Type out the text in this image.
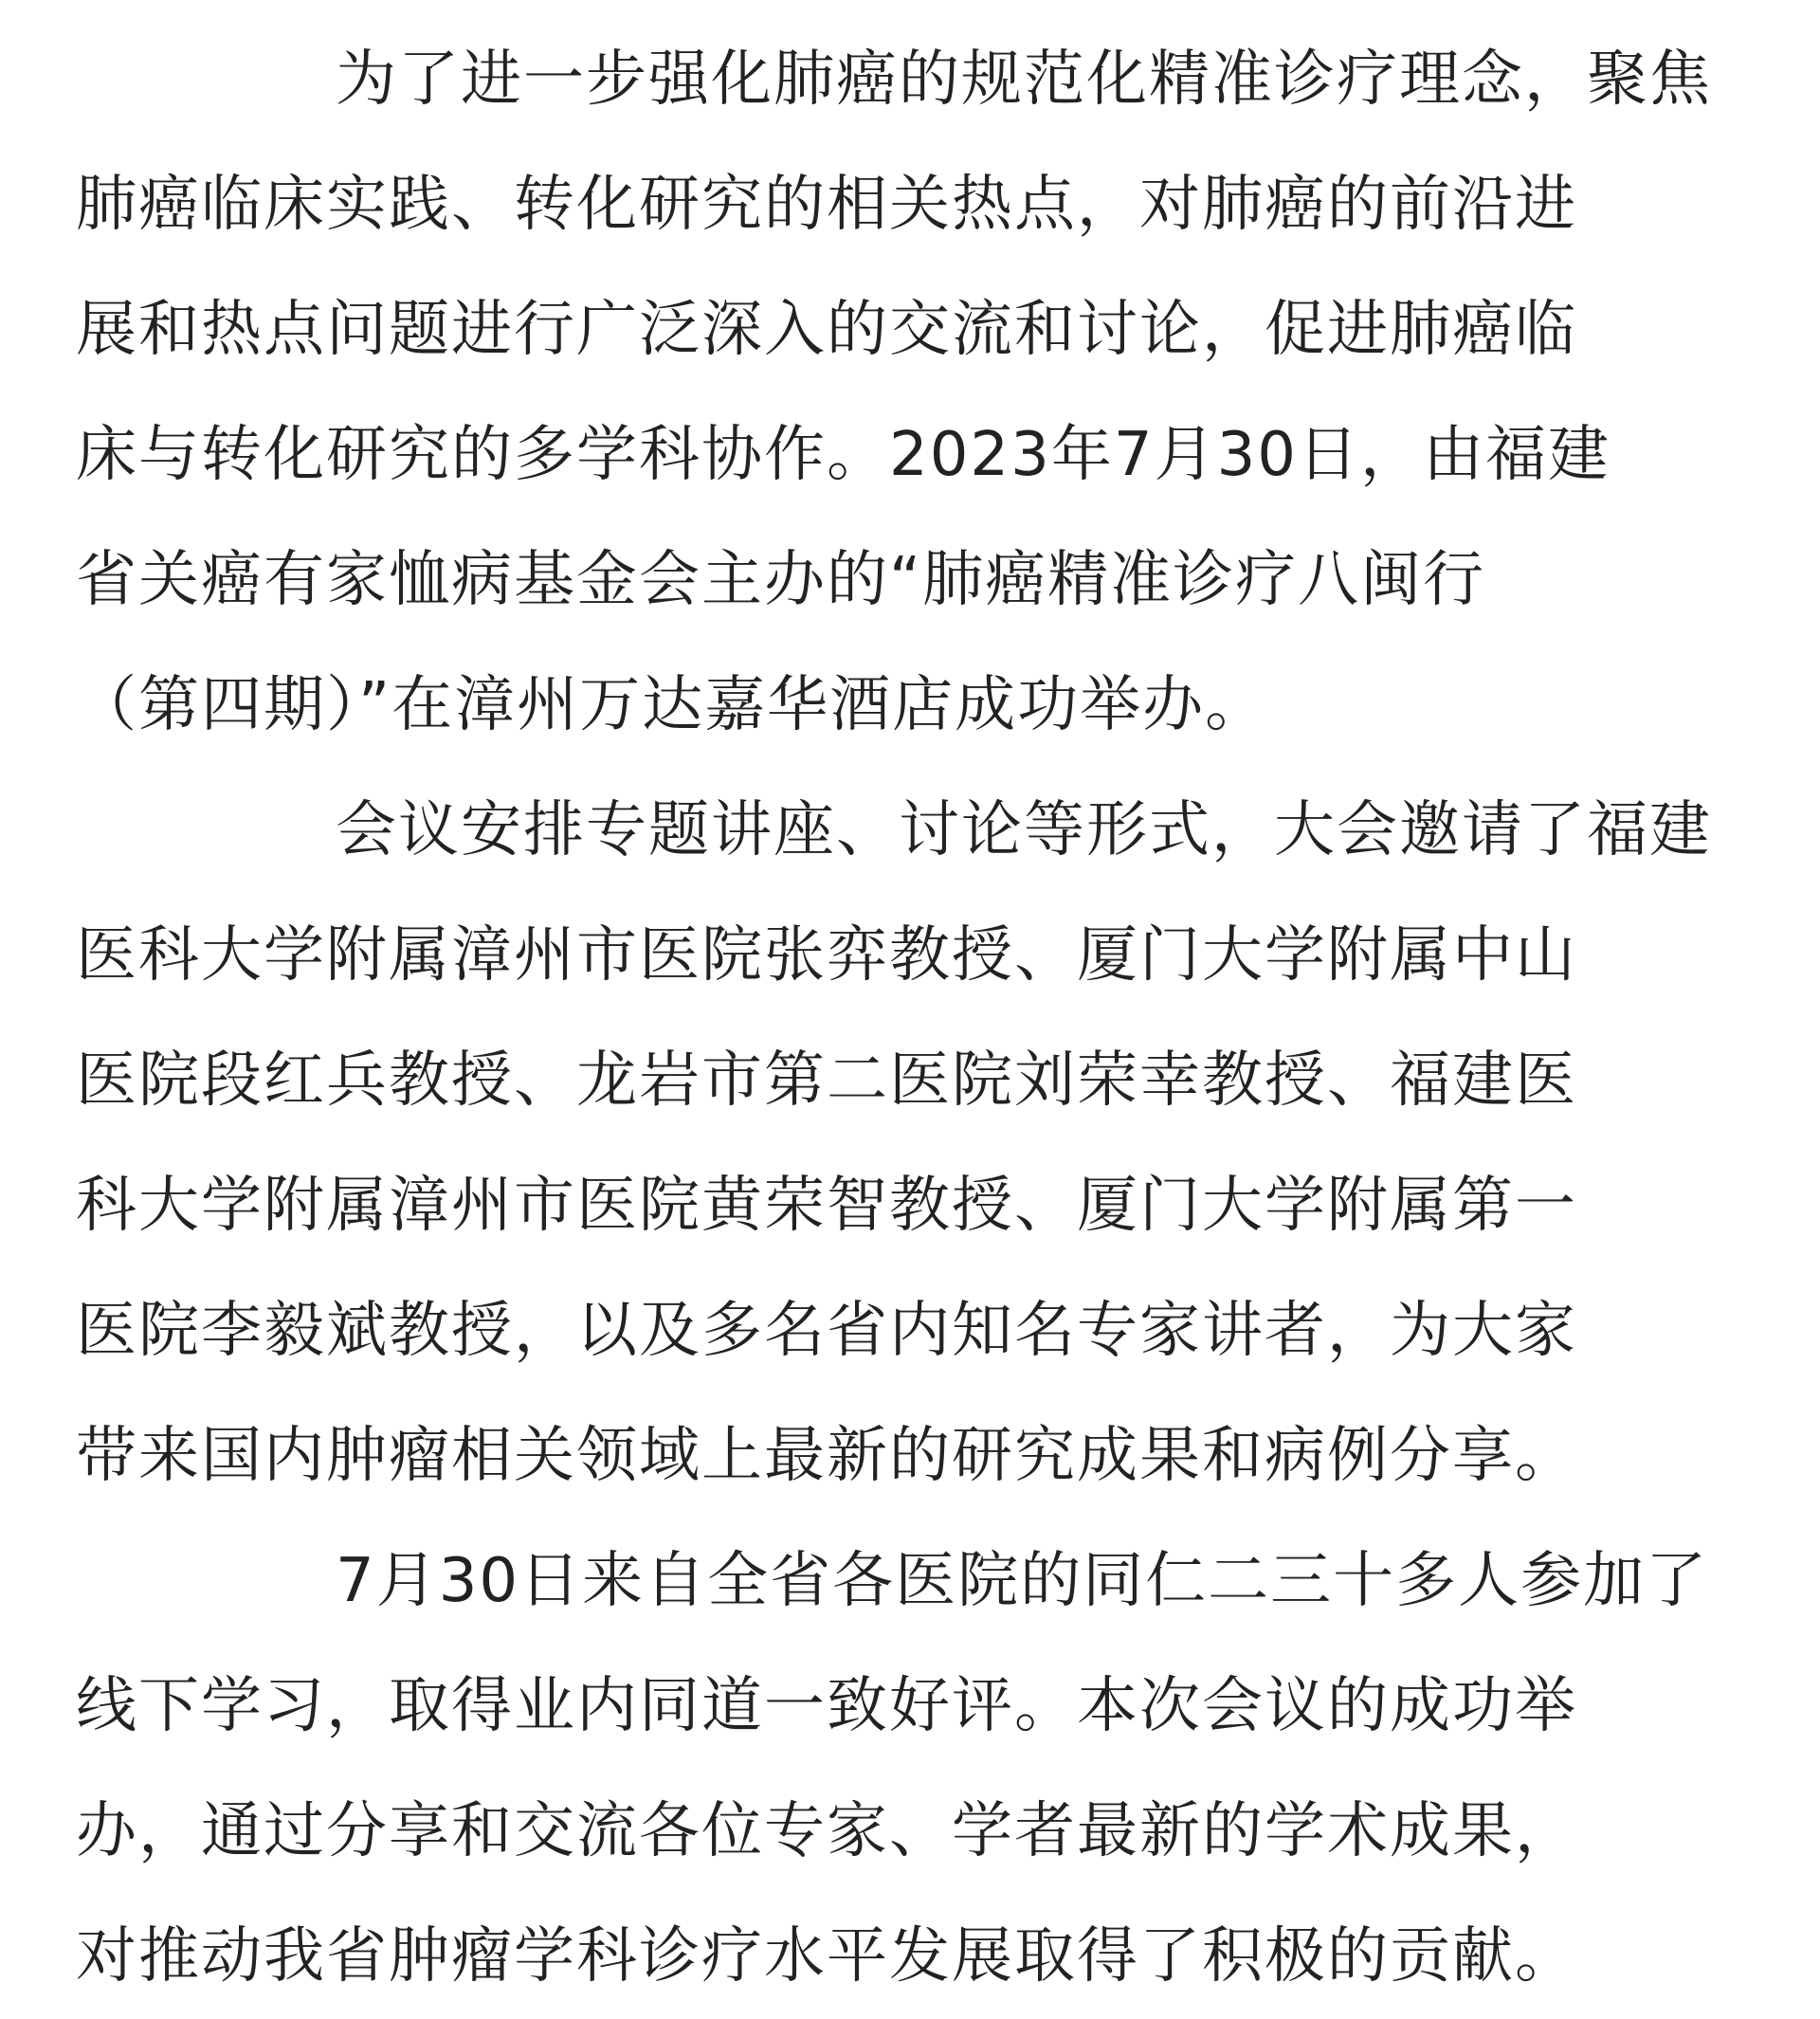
为了进一步强化肺癌的规范化精准诊疗理念，聚焦
肺癌临床实践、转化研究的相关热点，对肺癌的前沿进
展和热点问题进行广泛深入的交流和讨论，促进肺癌临
床与转化研究的多学科协作。2023年7月30日，由福建
省关癌有家恤病基金会主办的“肺癌精准诊疗八闽行
（第四期）”在漳州万达嘉华酒店成功举办。
会议安排专题讲座、讨论等形式，大会邀请了福建
医科大学附属漳州市医院张弈教授、厦门大学附属中山
医院段红兵教授、龙岩市第二医院刘荣幸教授、福建医
科大学附属漳州市医院黄荣智教授、厦门大学附属第一
医院李毅斌教授，以及多名省内知名专家讲者，为大家
带来国内肿瘤相关领域上最新的研究成果和病例分享。
7月30日来自全省各医院的同仁二三十多人参加了
线下学习，取得业内同道一致好评。本次会议的成功举
办，通过分享和交流各位专家、学者最新的学术成果，
对推动我省肿瘤学科诊疗水平发展取得了积极的贡献。
